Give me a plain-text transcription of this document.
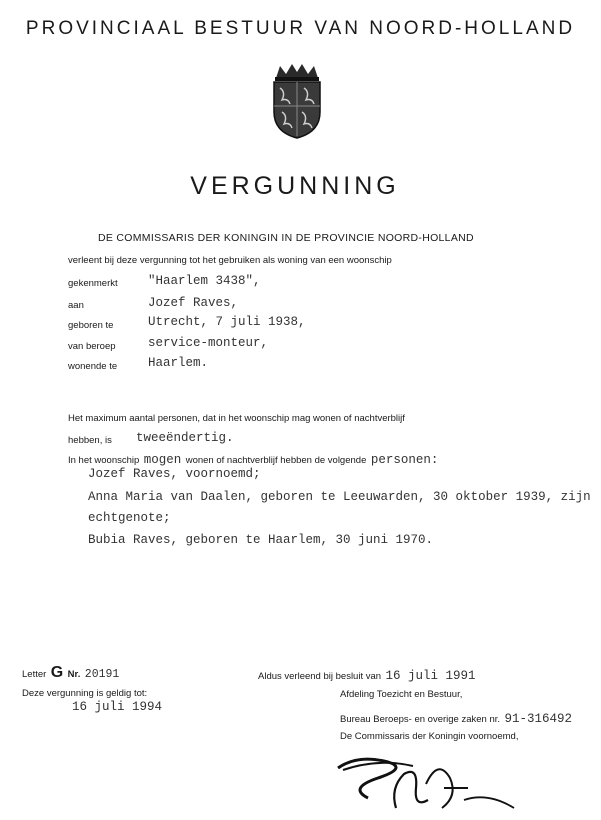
PROVINCIAAL BESTUUR VAN NOORD-HOLLAND
VERGUNNING
DE COMMISSARIS DER KONINGIN IN DE PROVINCIE NOORD-HOLLAND
verleent bij deze vergunning tot het gebruiken als woning van een woonschip
gekenmerkt "Haarlem 3438",
aan	Jozef Raves,
geboren te	Utrecht, 7 juli 1938,
van beroep	service-monteur,
wonende te Haarlem.
Het maximum aantal personen, dat in het woonschip mag wonen of nachtverblijf
hebben, is tweeëndertig.
In het woonschip mogen wonen of nachtverblijf hebben de volgende personen:
Jozef Raves, voornoemd;
Anna Maria van Daalen, geboren te Leeuwarden, 30 oktober 1939, zijn
echtgenote;
Bubia Raves, geboren te Haarlem, 30 juni 1970.
Letter G Nr. 20191
Deze vergunning is geldig tot:
16 juli 1994
Aldus verleend bij besluit van 16 juli 1991
Afdeling Toezicht en Bestuur,
Bureau Beroeps- en overige zaken nr. 91-316492
De Commissaris der Koningin voornoemd,
